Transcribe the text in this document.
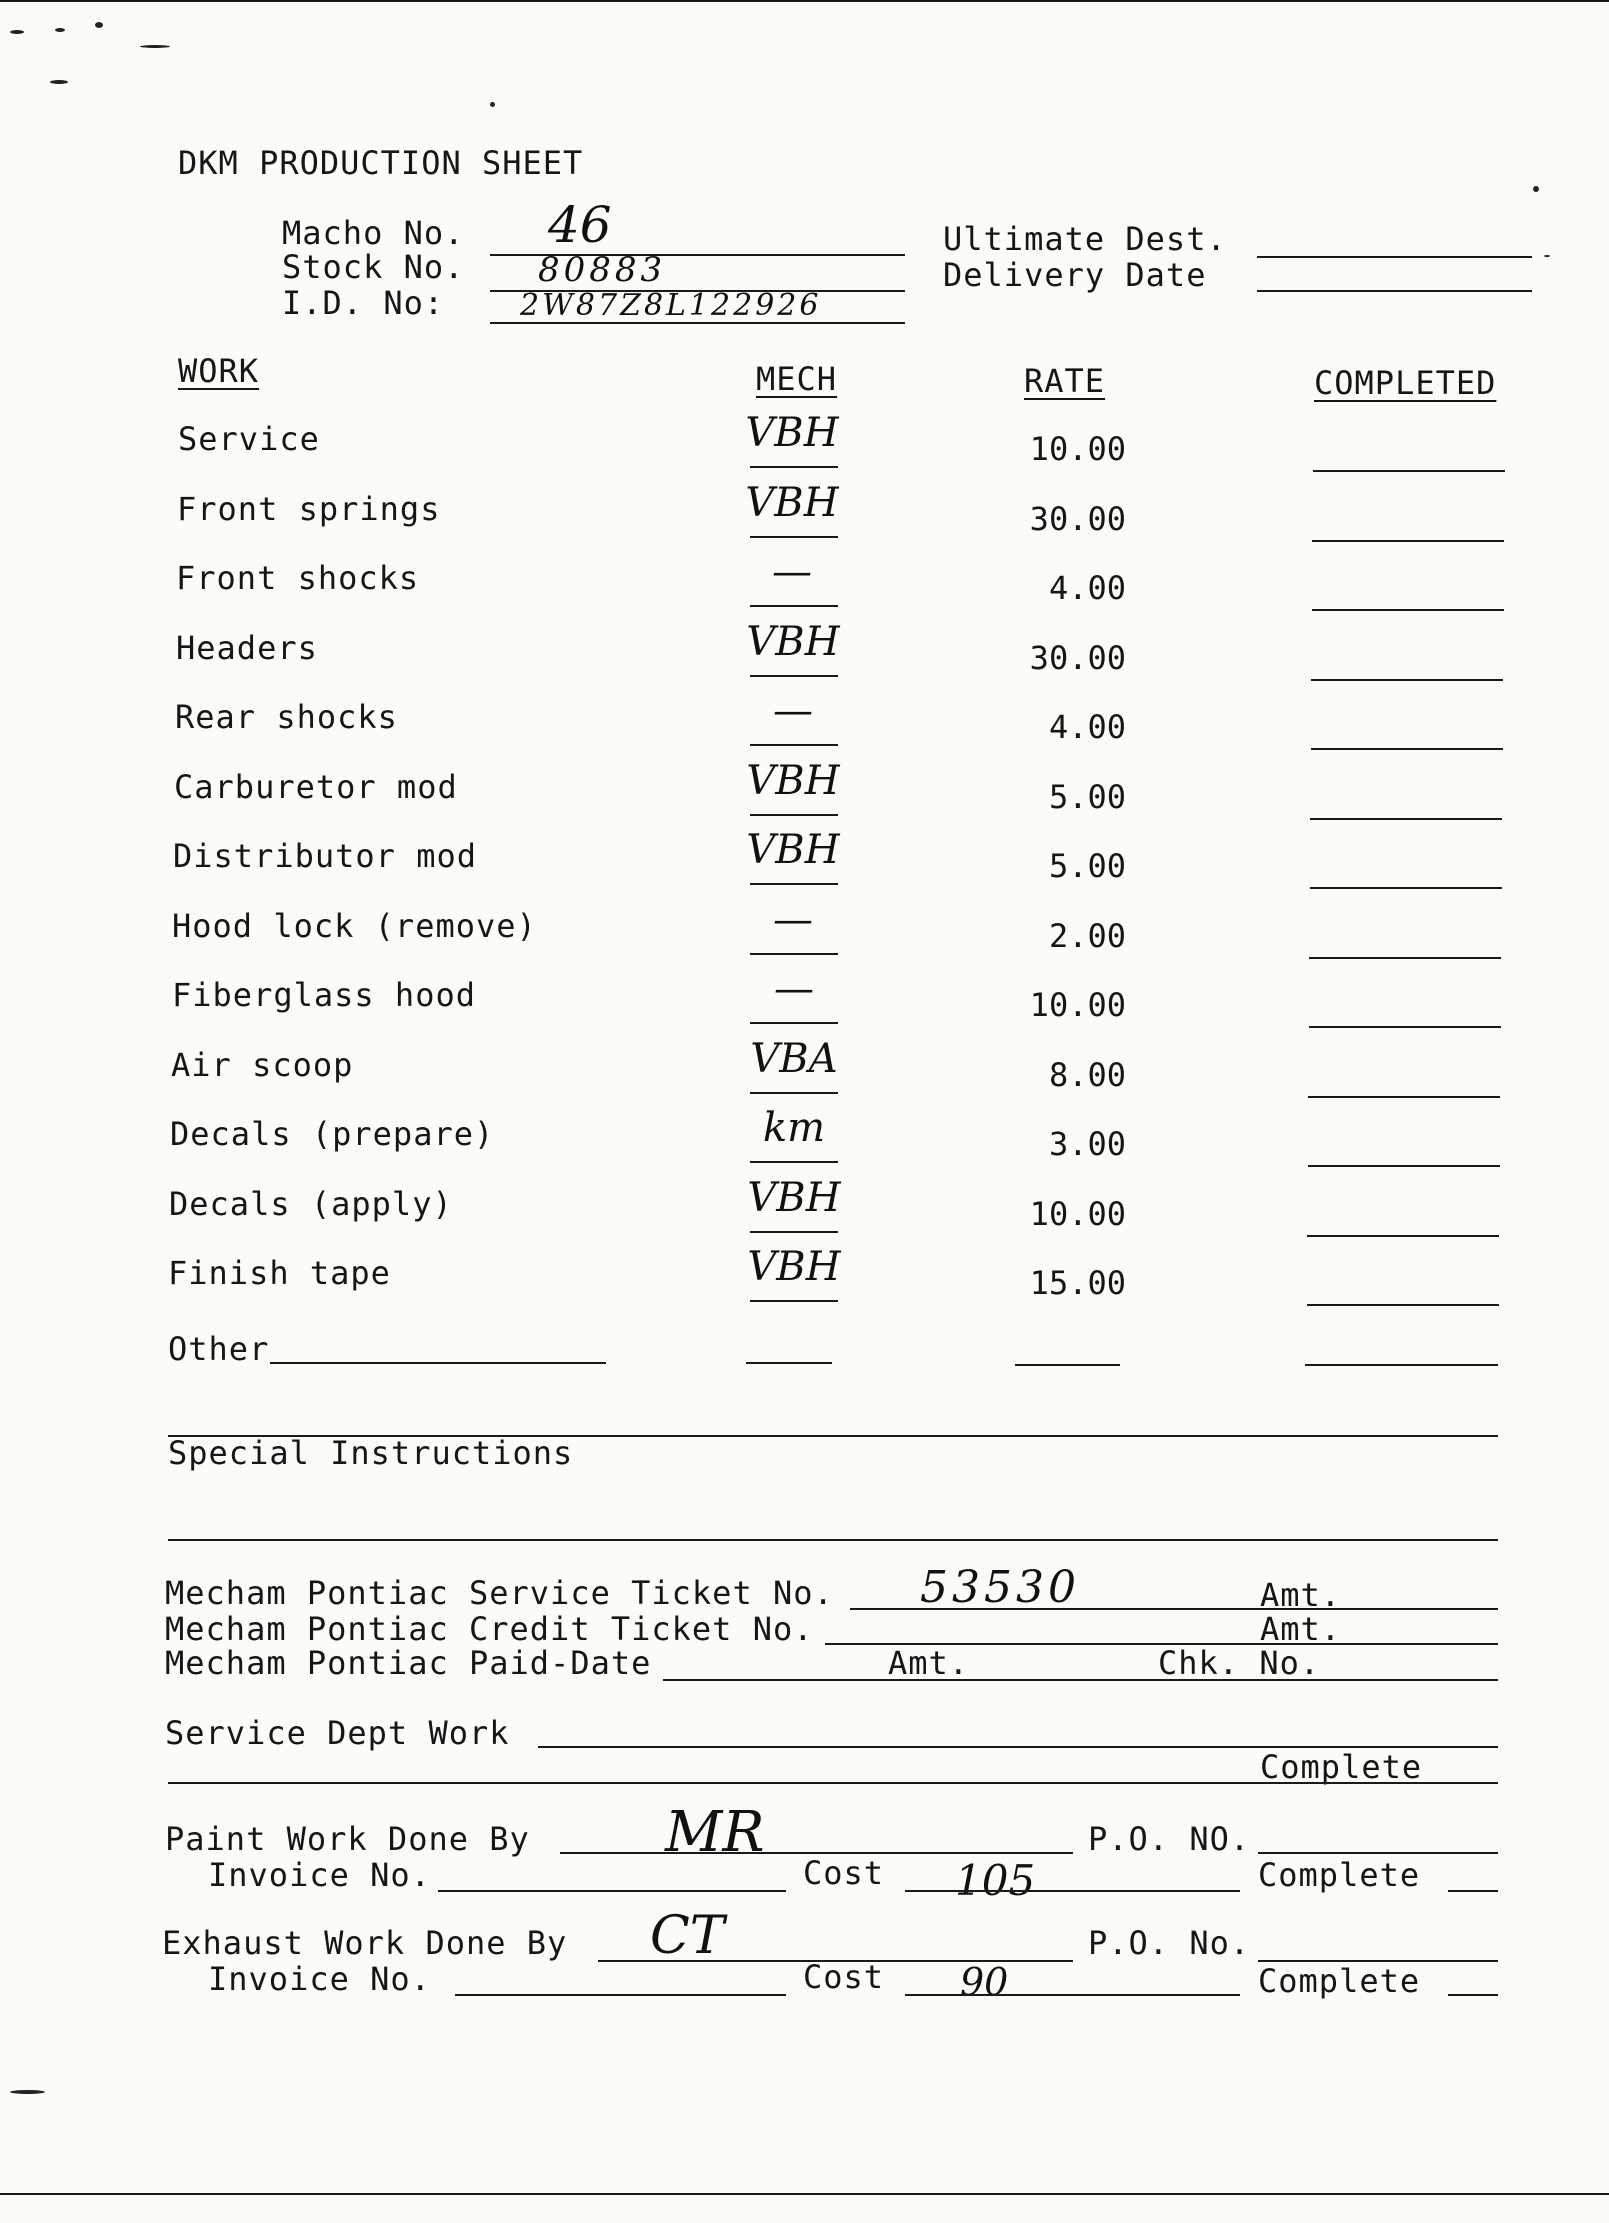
DKM PRODUCTION SHEET
Macho No. 46
Stock No. 80883
I.D. No:	2W87Z8L122926
Ultimate Dest.
Delivery Date
WORK	MECH	RATE	COMPLETED
Service	VBH	10.00
Front springs	VBH	30.00
Front shocks	—	4.00
Headers	VBH	30.00
Rear shocks	—	4.00
Carburetor mod	VBH	5.00
Distributor mod	VBH	5.00
Hood lock (remove)	—	2.00
Fiberglass hood	—	10.00
Air scoop	VBA	8.00
Decals (prepare)	km	3.00
Decals (apply)	VBH	10.00
Finish tape	VBH	15.00
Other
Special Instructions
Mecham Pontiac Service Ticket No. 53530	Amt.
Mecham Pontiac Credit Ticket No.	Amt.
Mecham Pontiac Paid-Date	Amt.	Chk. No.
Service Dept Work
Complete
Paint Work Done By MR	P.O. NO.
Invoice No.	Cost 105	Complete
Exhaust Work Done By CT	P.O. No.
Invoice No.	Cost 90	Complete
